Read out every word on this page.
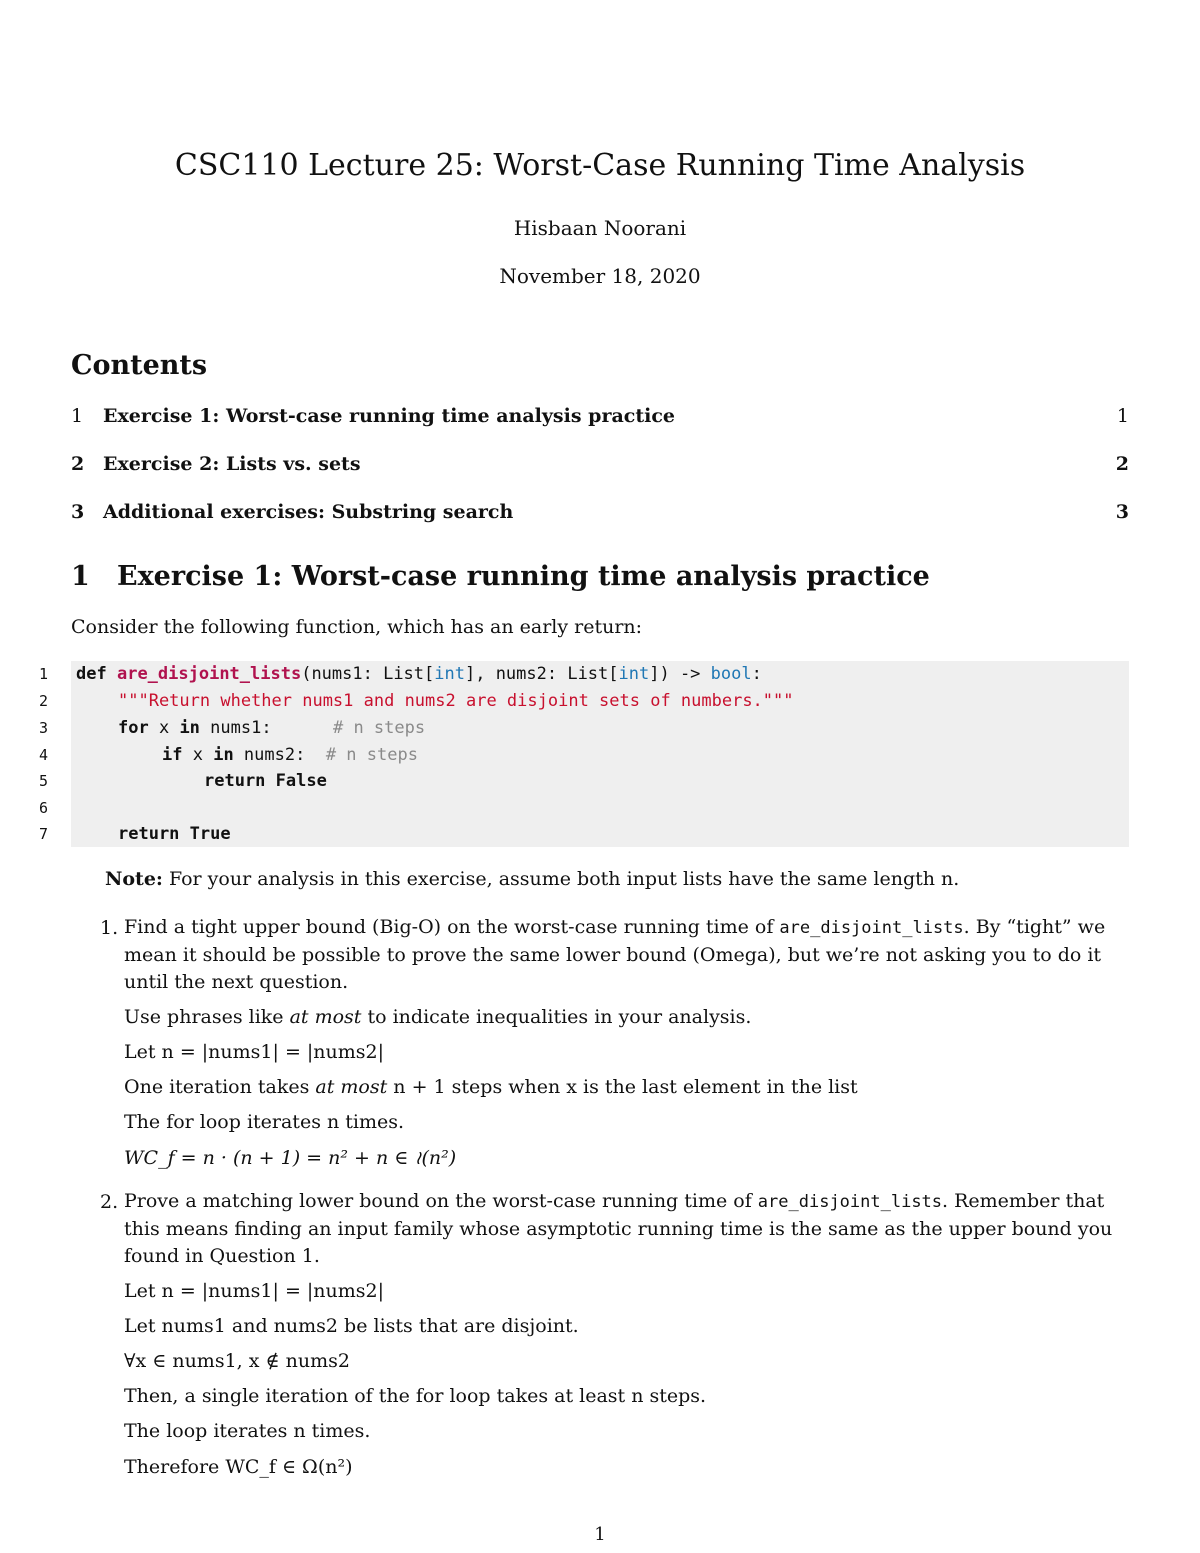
CSC110 Lecture 25: Worst-Case Running Time Analysis
Hisbaan Noorani
November 18, 2020
Contents
1	Exercise 1: Worst-case running time analysis practice	1
2 Exercise 2: Lists vs. sets	2
3 Additional exercises: Substring search	3
1 Exercise 1: Worst-case running time analysis practice
Consider the following function, which has an early return:
1
2
3
4
5
6
7
def are_disjoint_lists(nums1: List[int], nums2: List[int]) -> bool:
"""Return whether nums1 and nums2 are disjoint sets of numbers."""
for x in nums1:      # n steps
if x in nums2:  # n steps
return False
return True
Note: For your analysis in this exercise, assume both input lists have the same length n.
1. Find a tight upper bound (Big-O) on the worst-case running time of are_disjoint_lists. By “tight” we mean it should be possible to prove the same lower bound (Omega), but we’re not asking you to do it until the next question.
Use phrases like at most to indicate inequalities in your analysis.
Let n = |nums1| = |nums2|
One iteration takes at most n + 1 steps when x is the last element in the list
The for loop iterates n times.
WC_f = n · (n + 1) = n² + n ∈ ≀(n²)
2. Prove a matching lower bound on the worst-case running time of are_disjoint_lists. Remember that this means finding an input family whose asymptotic running time is the same as the upper bound you found in Question 1.
Let n = |nums1| = |nums2|
Let nums1 and nums2 be lists that are disjoint.
∀x ∈ nums1, x ∉ nums2
Then, a single iteration of the for loop takes at least n steps.
The loop iterates n times.
Therefore WC_f ∈ Ω(n²)
1
